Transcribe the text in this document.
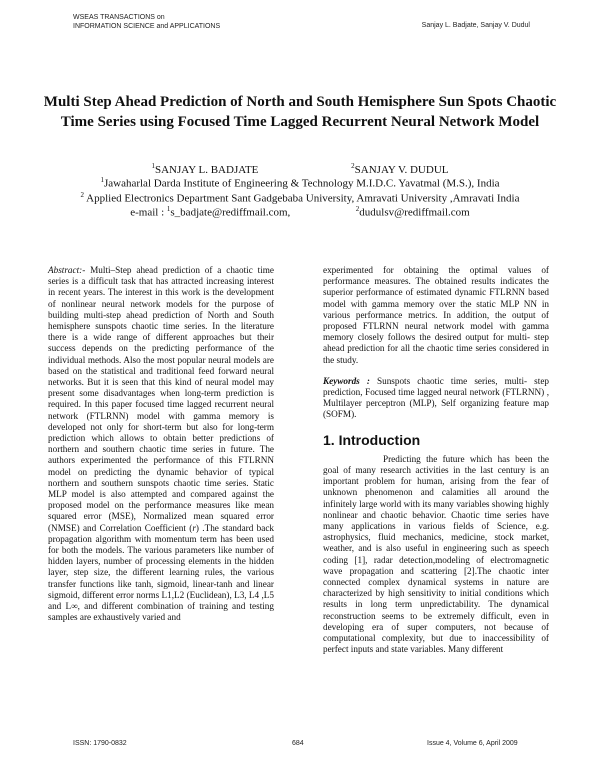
WSEAS TRANSACTIONS on
INFORMATION SCIENCE and APPLICATIONS	Sanjay L. Badjate, Sanjay V. Dudul
Multi Step Ahead Prediction of North and South Hemisphere Sun Spots Chaotic Time Series using Focused Time Lagged Recurrent Neural Network Model
$^1$SANJAY L. BADJATE	$^2$SANJAY V. DUDUL
$^1$Jawaharlal Darda Institute of Engineering & Technology M.I.D.C. Yavatmal (M.S.), India
$^2$ Applied Electronics Department Sant Gadgebaba University, Amravati University ,Amravati India
e-mail : $^1$s_badjate@rediffmail.com,	$^2$dudulsv@rediffmail.com

Abstract:- Multi–Step ahead prediction of a chaotic time series is a difficult task that has attracted increasing interest in recent years. The interest in this work is the development of nonlinear neural network models for the purpose of building multi-step ahead prediction of North and South hemisphere sunspots chaotic time series. In the literature there is a wide range of different approaches but their success depends on the predicting performance of the individual methods. Also the most popular neural models are based on the statistical and traditional feed forward neural networks. But it is seen that this kind of neural model may present some disadvantages when long-term prediction is required. In this paper focused time lagged recurrent neural network (FTLRNN) model with gamma memory is developed not only for short-term but also for long-term prediction which allows to obtain better predictions of northern and southern chaotic time series in future. The authors experimented the performance of this FTLRNN model on predicting the dynamic behavior of typical northern and southern sunspots chaotic time series. Static MLP model is also attempted and compared against the proposed model on the performance measures like mean squared error (MSE), Normalized mean squared error (NMSE) and Correlation Coefficient (r) .The standard back propagation algorithm with momentum term has been used for both the models. The various parameters like number of hidden layers, number of processing elements in the hidden layer, step size, the different learning rules, the various transfer functions like tanh, sigmoid, linear-tanh and linear sigmoid, different error norms L1,L2 (Euclidean), L3, L4 ,L5 and L∞, and different combination of training and testing samples are exhaustively varied and

experimented for obtaining the optimal values of performance measures. The obtained results indicates the superior performance of estimated dynamic FTLRNN based model with gamma memory over the static MLP NN in various performance metrics. In addition, the output of proposed FTLRNN neural network model with gamma memory closely follows the desired output for multi- step ahead prediction for all the chaotic time series considered in the study.

Keywords : Sunspots chaotic time series, multi- step prediction, Focused time lagged neural network (FTLRNN) , Multilayer perceptron (MLP), Self organizing feature map (SOFM).

1. Introduction

Predicting the future which has been the goal of many research activities in the last century is an important problem for human, arising from the fear of unknown phenomenon and calamities all around the infinitely large world with its many variables showing highly nonlinear and chaotic behavior. Chaotic time series have many applications in various fields of Science, e.g. astrophysics, fluid mechanics, medicine, stock market, weather, and is also useful in engineering such as speech coding [1], radar detection,modeling of electromagnetic wave propagation and scattering [2].The chaotic inter connected complex dynamical systems in nature are characterized by high sensitivity to initial conditions which results in long term unpredictability. The dynamical reconstruction seems to be extremely difficult, even in developing era of super computers, not because of computational complexity, but due to inaccessibility of perfect inputs and state variables. Many different

ISSN: 1790-0832	684	Issue 4, Volume 6, April 2009
